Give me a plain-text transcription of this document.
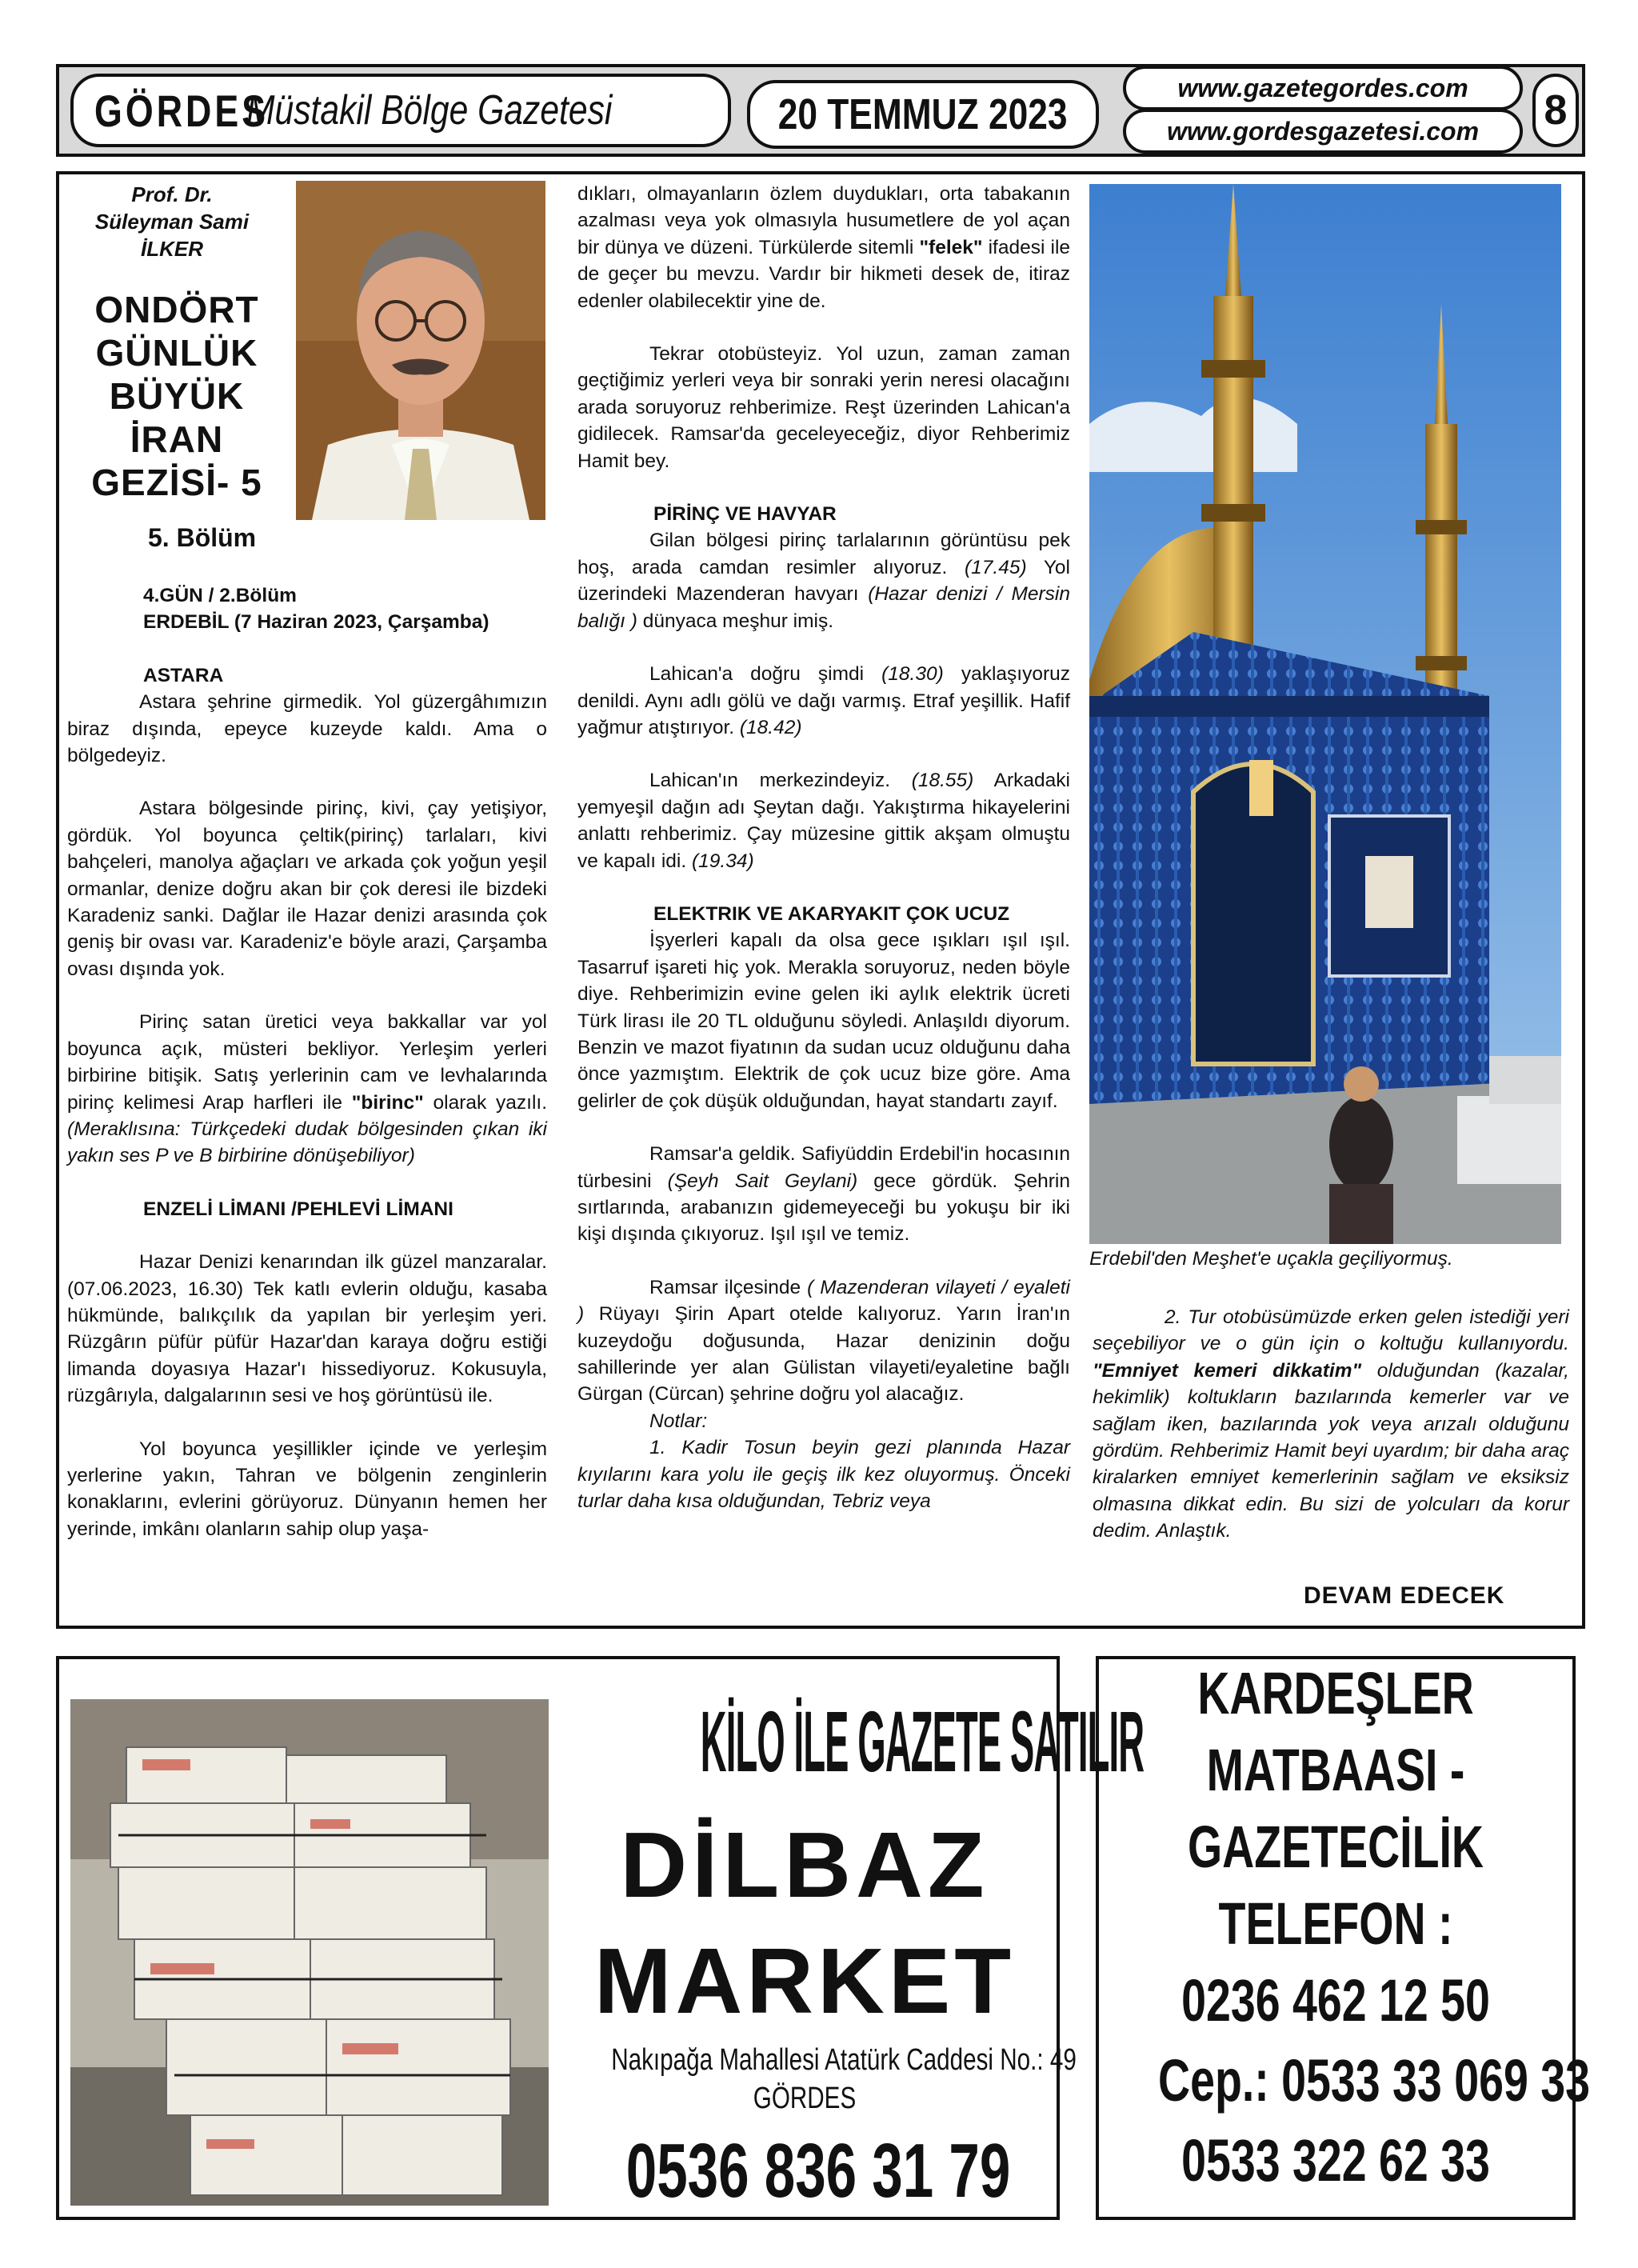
GÖRDES
Müstakil Bölge Gazetesi	20 TEMMUZ 2023
www.gazetegordes.com
www.gordesgazetesi.com 8
Prof. Dr.
Süleyman Sami
İLKER
ONDÖRT
GÜNLÜK
BÜYÜK
İRAN
GEZİSİ- 5
5. Bölüm

4.GÜN / 2.Bölüm

ERDEBİL (7 Haziran 2023, Çarşamba)

ASTARA

Astara şehrine girmedik. Yol güzergâhımızın biraz dışında, epeyce kuzeyde kaldı. Ama o bölgedeyiz.

Astara bölgesinde pirinç, kivi, çay yetişiyor, gördük. Yol boyunca çeltik(pirinç) tarlaları, kivi bahçeleri, manolya ağaçları ve arkada çok yoğun yeşil ormanlar, denize doğru akan bir çok deresi ile bizdeki Karadeniz sanki. Dağlar ile Hazar denizi arasında çok geniş bir ovası var. Karadeniz'e böyle arazi, Çarşamba ovası dışında yok.

Pirinç satan üretici veya bakkallar var yol boyunca açık, müsteri bekliyor. Yerleşim yerleri birbirine bitişik. Satış yerlerinin cam ve levhalarında pirinç kelimesi Arap harfleri ile "birinc" olarak yazılı. (Meraklısına: Türkçedeki dudak bölgesinden çıkan iki yakın ses P ve B birbirine dönüşebiliyor)

ENZELİ LİMANI /PEHLEVİ LİMANI

Hazar Denizi kenarından ilk güzel manzaralar. (07.06.2023, 16.30) Tek katlı evlerin olduğu, kasaba hükmünde, balıkçılık da yapılan bir yerleşim yeri. Rüzgârın püfür püfür Hazar'dan karaya doğru estiği limanda doyasıya Hazar'ı hissediyoruz. Kokusuyla, rüzgârıyla, dalgalarının sesi ve hoş görüntüsü ile.

Yol boyunca yeşillikler içinde ve yerleşim yerlerine yakın, Tahran ve bölgenin zenginlerin konaklarını, evlerini görüyoruz. Dünyanın hemen her yerinde, imkânı olanların sahip olup yaşa-

dıkları, olmayanların özlem duydukları, orta tabakanın azalması veya yok olmasıyla husumetlere de yol açan bir dünya ve düzeni. Türkülerde sitemli "felek" ifadesi ile de geçer bu mevzu. Vardır bir hikmeti desek de, itiraz edenler olabilecektir yine de.

Tekrar otobüsteyiz. Yol uzun, zaman zaman geçtiğimiz yerleri veya bir sonraki yerin neresi olacağını arada soruyoruz rehberimize. Reşt üzerinden Lahican'a gidilecek. Ramsar'da geceleyeceğiz, diyor Rehberimiz Hamit bey.

PİRİNÇ VE HAVYAR

Gilan bölgesi pirinç tarlalarının görüntüsu pek hoş, arada camdan resimler alıyoruz. (17.45) Yol üzerindeki Mazenderan havyarı (Hazar denizi / Mersin balığı ) dünyaca meşhur imiş.

Lahican'a doğru şimdi (18.30) yaklaşıyoruz denildi. Aynı adlı gölü ve dağı varmış. Etraf yeşillik. Hafif yağmur atıştırıyor. (18.42)

Lahican'ın merkezindeyiz. (18.55) Arkadaki yemyeşil dağın adı Şeytan dağı. Yakıştırma hikayelerini anlattı rehberimiz. Çay müzesine gittik akşam olmuştu ve kapalı idi. (19.34)

ELEKTRIK VE AKARYAKIT ÇOK UCUZ

İşyerleri kapalı da olsa gece ışıkları ışıl ışıl. Tasarruf işareti hiç yok. Merakla soruyoruz, neden böyle diye. Rehberimizin evine gelen iki aylık elektrik ücreti Türk lirası ile 20 TL olduğunu söyledi. Anlaşıldı diyorum. Benzin ve mazot fiyatının da sudan ucuz olduğunu daha önce yazmıştım. Elektrik de çok ucuz bize göre. Ama gelirler de çok düşük olduğundan, hayat standartı zayıf.

Ramsar'a geldik. Safiyüddin Erdebil'in hocasının türbesini (Şeyh Sait Geylani) gece gördük. Şehrin sırtlarında, arabanızın gidemeyeceği bu yokuşu bir iki kişi dışında çıkıyoruz. Işıl ışıl ve temiz.

Ramsar ilçesinde ( Mazenderan vilayeti / eyaleti ) Rüyayı Şirin Apart otelde kalıyoruz. Yarın İran'ın kuzeydoğu doğusunda, Hazar denizinin doğu sahillerinde yer alan Gülistan vilayeti/eyaletine bağlı Gürgan (Cürcan) şehrine doğru yol alacağız.

Notlar:

1. Kadir Tosun beyin gezi planında Hazar kıyılarını kara yolu ile geçiş ilk kez oluyormuş. Önceki turlar daha kısa olduğundan, Tebriz veya

Erdebil'den Meşhet'e uçakla geçiliyormuş.

2. Tur otobüsümüzde erken gelen istediği yeri seçebiliyor ve o gün için o koltuğu kullanıyordu. "Emniyet kemeri dikkatim" olduğundan (kazalar, hekimlik) koltukların bazılarında kemerler var ve sağlam iken, bazılarında yok veya arızalı olduğunu gördüm. Rehberimiz Hamit beyi uyardım; bir daha araç kiralarken emniyet kemerlerinin sağlam ve eksiksiz olmasına dikkat edin. Bu sizi de yolcuları da korur dedim. Anlaştık.

DEVAM EDECEK
KİLO İLE GAZETE SATILIR
DİLBAZ
MARKET
Nakıpağa Mahallesi Atatürk Caddesi No.: 49
GÖRDES
0536 836 31 79
KARDEŞLER
MATBAASI -
GAZETECİLİK
TELEFON :
0236 462 12 50
Cep.: 0533 33 069 33
0533 322 62 33
